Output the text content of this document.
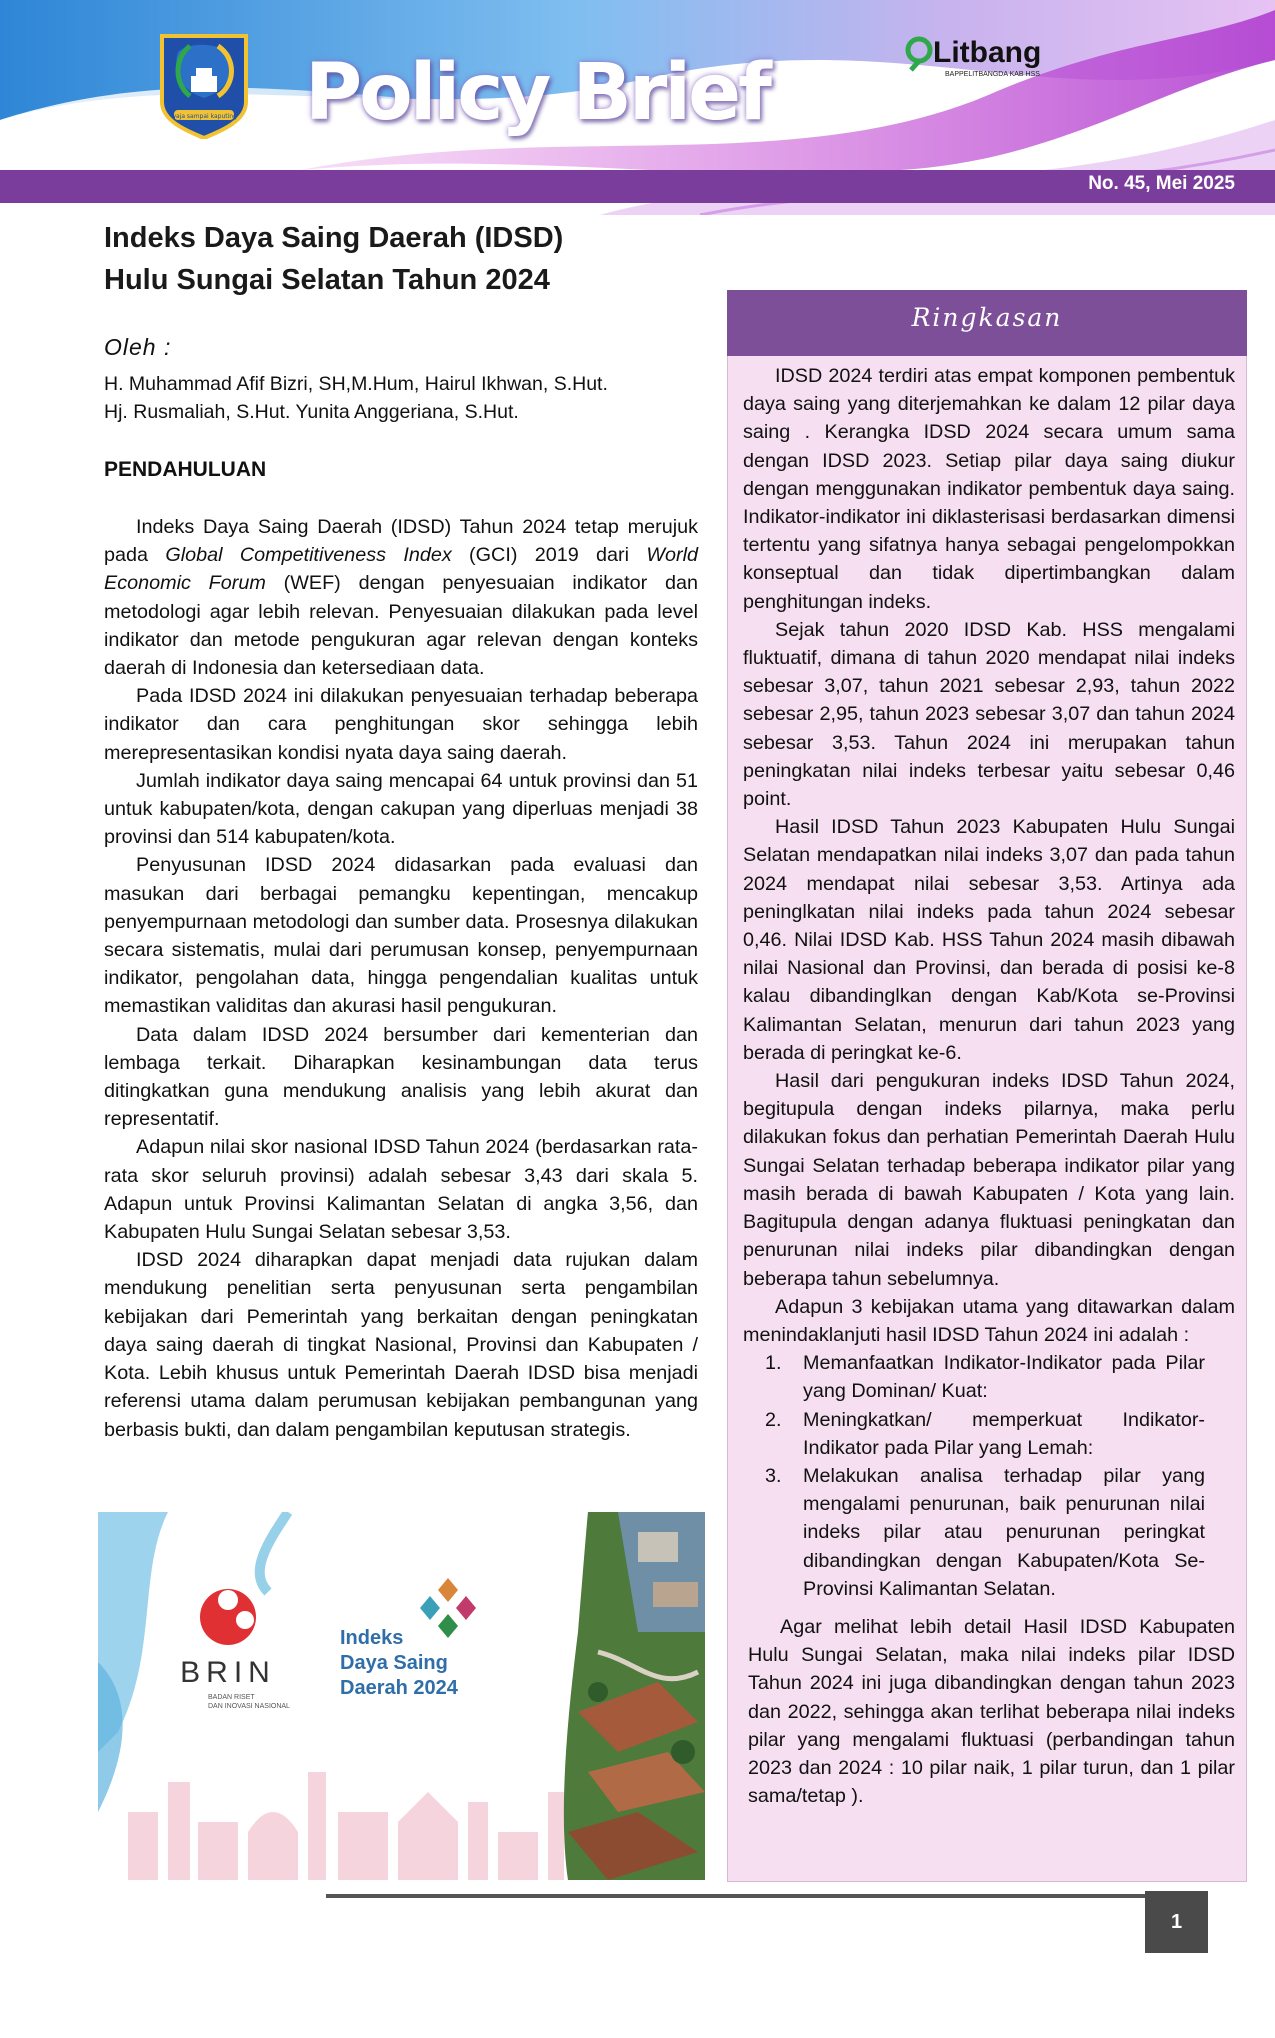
No. 45, Mei 2025
waja sampai kaputing Policy Brief	Litbang
BAPPELITBANGDA KAB HSS
Indeks Daya Saing Daerah (IDSD)
Hulu Sungai Selatan Tahun 2024
Oleh :
H. Muhammad Afif Bizri, SH,M.Hum, Hairul Ikhwan, S.Hut.
Hj. Rusmaliah, S.Hut. Yunita Anggeriana, S.Hut.
PENDAHULUAN

Indeks Daya Saing Daerah (IDSD) Tahun 2024 tetap merujuk pada Global Competitiveness Index (GCI) 2019 dari World Economic Forum (WEF) dengan penyesuaian indikator dan metodologi agar lebih relevan. Penyesuaian dilakukan pada level indikator dan metode pengukuran agar relevan dengan konteks daerah di Indonesia dan ketersediaan data.

Pada IDSD 2024 ini dilakukan penyesuaian terhadap beberapa indikator dan cara penghitungan skor sehingga lebih merepresentasikan kondisi nyata daya saing daerah.

Jumlah indikator daya saing mencapai 64 untuk provinsi dan 51 untuk kabupaten/kota, dengan cakupan yang diperluas menjadi 38 provinsi dan 514 kabupaten/kota.

Penyusunan IDSD 2024 didasarkan pada evaluasi dan masukan dari berbagai pemangku kepentingan, mencakup penyempurnaan metodologi dan sumber data. Prosesnya dilakukan secara sistematis, mulai dari perumusan konsep, penyempurnaan indikator, pengolahan data, hingga pengendalian kualitas untuk memastikan validitas dan akurasi hasil pengukuran.

Data dalam IDSD 2024 bersumber dari kementerian dan lembaga terkait. Diharapkan kesinambungan data terus ditingkatkan guna mendukung analisis yang lebih akurat dan representatif.

Adapun nilai skor nasional IDSD Tahun 2024 (berdasarkan rata-rata skor seluruh provinsi) adalah sebesar 3,43 dari skala 5. Adapun untuk Provinsi Kalimantan Selatan di angka 3,56, dan Kabupaten Hulu Sungai Selatan sebesar 3,53.

IDSD 2024 diharapkan dapat menjadi data rujukan dalam mendukung penelitian serta penyusunan serta pengambilan kebijakan dari Pemerintah yang berkaitan dengan peningkatan daya saing daerah di tingkat Nasional, Provinsi dan Kabupaten / Kota. Lebih khusus untuk Pemerintah Daerah IDSD bisa menjadi referensi utama dalam perumusan kebijakan pembangunan yang berbasis bukti, dan dalam pengambilan keputusan strategis.

Ringkasan

IDSD 2024 terdiri atas empat komponen pembentuk daya saing yang diterjemahkan ke dalam 12 pilar daya saing . Kerangka IDSD 2024 secara umum sama dengan IDSD 2023. Setiap pilar daya saing diukur dengan menggunakan indikator pembentuk daya saing. Indikator-indikator ini diklasterisasi berdasarkan dimensi tertentu yang sifatnya hanya sebagai pengelompokkan konseptual dan tidak dipertimbangkan dalam penghitungan indeks.

Sejak tahun 2020 IDSD Kab. HSS mengalami fluktuatif, dimana di tahun 2020 mendapat nilai indeks sebesar 3,07, tahun 2021 sebesar 2,93, tahun 2022 sebesar 2,95, tahun 2023 sebesar 3,07 dan tahun 2024 sebesar 3,53. Tahun 2024 ini merupakan tahun peningkatan nilai indeks terbesar yaitu sebesar 0,46 point.

Hasil IDSD Tahun 2023 Kabupaten Hulu Sungai Selatan mendapatkan nilai indeks 3,07 dan pada tahun 2024 mendapat nilai sebesar 3,53. Artinya ada peninglkatan nilai indeks pada tahun 2024 sebesar 0,46. Nilai IDSD Kab. HSS Tahun 2024 masih dibawah nilai Nasional dan Provinsi, dan berada di posisi ke-8 kalau dibandinglkan dengan Kab/Kota se-Provinsi Kalimantan Selatan, menurun dari tahun 2023 yang berada di peringkat ke-6.

Hasil dari pengukuran indeks IDSD Tahun 2024, begitupula dengan indeks pilarnya, maka perlu dilakukan fokus dan perhatian Pemerintah Daerah Hulu Sungai Selatan terhadap beberapa indikator pilar yang masih berada di bawah Kabupaten / Kota yang lain. Bagitupula dengan adanya fluktuasi peningkatan dan penurunan nilai indeks pilar dibandingkan dengan beberapa tahun sebelumnya.

Adapun 3 kebijakan utama yang ditawarkan dalam menindaklanjuti hasil IDSD Tahun 2024 ini adalah :

1. Memanfaatkan Indikator-Indikator pada Pilar yang Dominan/ Kuat:
2. Meningkatkan/ memperkuat Indikator-Indikator pada Pilar yang Lemah:
3. Melakukan analisa terhadap pilar yang mengalami penurunan, baik penurunan nilai indeks pilar atau penurunan peringkat dibandingkan dengan Kabupaten/Kota Se-Provinsi Kalimantan Selatan.

Agar melihat lebih detail Hasil IDSD Kabupaten Hulu Sungai Selatan, maka nilai indeks pilar IDSD Tahun 2024 ini juga dibandingkan dengan tahun 2023 dan 2022, sehingga akan terlihat beberapa nilai indeks pilar yang mengalami fluktuasi (perbandingan tahun 2023 dan 2024 : 10 pilar naik, 1 pilar turun, dan 1 pilar sama/tetap ).

BRIN
BADAN RISET
DAN INOVASI NASIONAL
Indeks
Daya Saing
Daerah 2024
1
